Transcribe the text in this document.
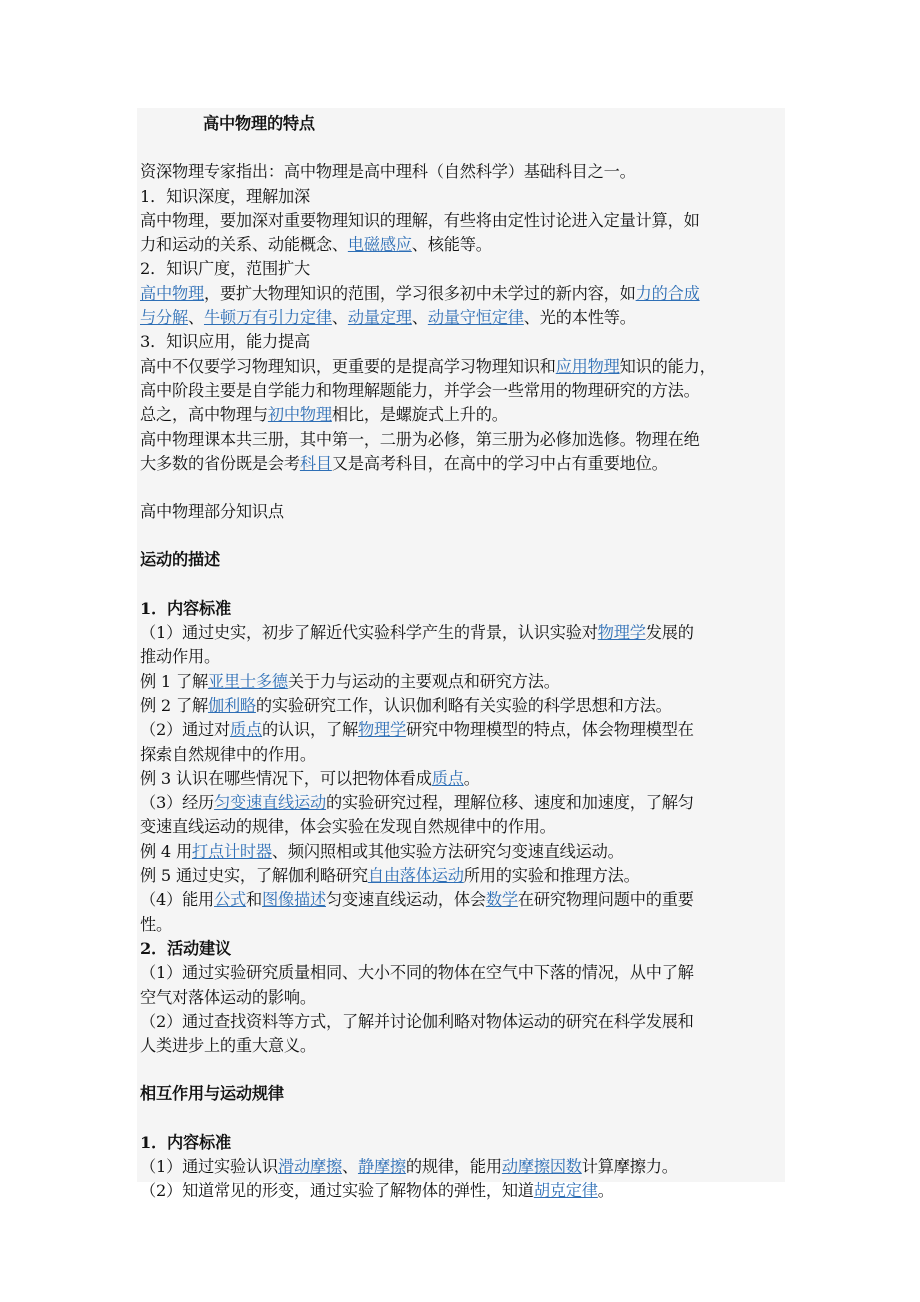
高中物理的特点
资深物理专家指出：高中物理是高中理科（自然科学）基础科目之一。
1．知识深度，理解加深
高中物理，要加深对重要物理知识的理解，有些将由定性讨论进入定量计算，如
力和运动的关系、动能概念、电磁感应、核能等。
2．知识广度，范围扩大
高中物理，要扩大物理知识的范围，学习很多初中未学过的新内容，如力的合成
与分解、牛顿万有引力定律、动量定理、动量守恒定律、光的本性等。
3．知识应用，能力提高
高中不仅要学习物理知识，更重要的是提高学习物理知识和应用物理知识的能力，
高中阶段主要是自学能力和物理解题能力，并学会一些常用的物理研究的方法。
总之，高中物理与初中物理相比，是螺旋式上升的。
高中物理课本共三册，其中第一，二册为必修，第三册为必修加选修。物理在绝
大多数的省份既是会考科目又是高考科目，在高中的学习中占有重要地位。
高中物理部分知识点
运动的描述
1．内容标准
（1）通过史实，初步了解近代实验科学产生的背景，认识实验对物理学发展的
推动作用。
例 1 了解亚里士多德关于力与运动的主要观点和研究方法。
例 2 了解伽利略的实验研究工作，认识伽利略有关实验的科学思想和方法。
（2）通过对质点的认识，了解物理学研究中物理模型的特点，体会物理模型在
探索自然规律中的作用。
例 3 认识在哪些情况下，可以把物体看成质点。
（3）经历匀变速直线运动的实验研究过程，理解位移、速度和加速度，了解匀
变速直线运动的规律，体会实验在发现自然规律中的作用。
例 4 用打点计时器、频闪照相或其他实验方法研究匀变速直线运动。
例 5 通过史实，了解伽利略研究自由落体运动所用的实验和推理方法。
（4）能用公式和图像描述匀变速直线运动，体会数学在研究物理问题中的重要
性。
2．活动建议
（1）通过实验研究质量相同、大小不同的物体在空气中下落的情况，从中了解
空气对落体运动的影响。
（2）通过查找资料等方式，了解并讨论伽利略对物体运动的研究在科学发展和
人类进步上的重大意义。
相互作用与运动规律
1．内容标准
（1）通过实验认识滑动摩擦、静摩擦的规律，能用动摩擦因数计算摩擦力。
（2）知道常见的形变，通过实验了解物体的弹性，知道胡克定律。
